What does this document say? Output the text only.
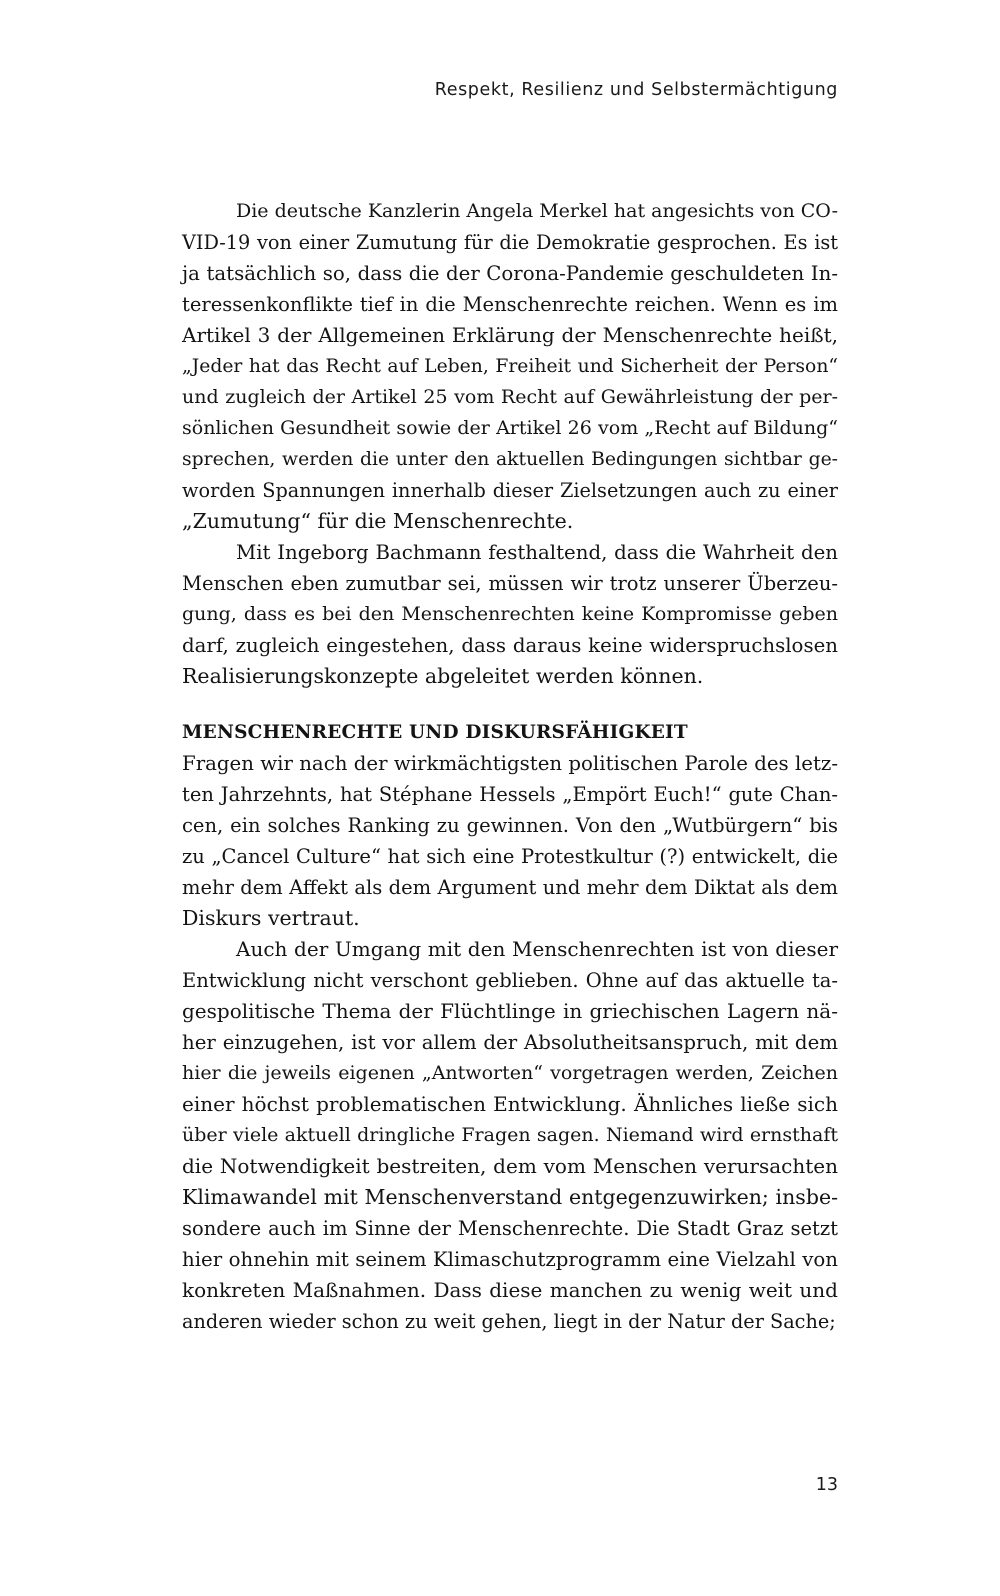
Respekt, Resilienz und Selbstermächtigung
Die deutsche Kanzlerin Angela Merkel hat angesichts von CO-
VID-19 von einer Zumutung für die Demokratie gesprochen. Es ist
ja tatsächlich so, dass die der Corona-Pandemie geschuldeten In-
teressenkonflikte tief in die Menschenrechte reichen. Wenn es im
Artikel 3 der Allgemeinen Erklärung der Menschenrechte heißt,
„Jeder hat das Recht auf Leben, Freiheit und Sicherheit der Person“
und zugleich der Artikel 25 vom Recht auf Gewährleistung der per-
sönlichen Gesundheit sowie der Artikel 26 vom „Recht auf Bildung“
sprechen, werden die unter den aktuellen Bedingungen sichtbar ge-
worden Spannungen innerhalb dieser Zielsetzungen auch zu einer
„Zumutung“ für die Menschenrechte.
Mit Ingeborg Bachmann festhaltend, dass die Wahrheit den
Menschen eben zumutbar sei, müssen wir trotz unserer Überzeu-
gung, dass es bei den Menschenrechten keine Kompromisse geben
darf, zugleich eingestehen, dass daraus keine widerspruchslosen
Realisierungskonzepte abgeleitet werden können.
MENSCHENRECHTE UND DISKURSFÄHIGKEIT
Fragen wir nach der wirkmächtigsten politischen Parole des letz-
ten Jahrzehnts, hat Stéphane Hessels „Empört Euch!“ gute Chan-
cen, ein solches Ranking zu gewinnen. Von den „Wutbürgern“ bis
zu „Cancel Culture“ hat sich eine Protestkultur (?) entwickelt, die
mehr dem Affekt als dem Argument und mehr dem Diktat als dem
Diskurs vertraut.
Auch der Umgang mit den Menschenrechten ist von dieser
Entwicklung nicht verschont geblieben. Ohne auf das aktuelle ta-
gespolitische Thema der Flüchtlinge in griechischen Lagern nä-
her einzugehen, ist vor allem der Absolutheitsanspruch, mit dem
hier die jeweils eigenen „Antworten“ vorgetragen werden, Zeichen
einer höchst problematischen Entwicklung. Ähnliches ließe sich
über viele aktuell dringliche Fragen sagen. Niemand wird ernsthaft
die Notwendigkeit bestreiten, dem vom Menschen verursachten
Klimawandel mit Menschenverstand entgegenzuwirken; insbe-
sondere auch im Sinne der Menschenrechte. Die Stadt Graz setzt
hier ohnehin mit seinem Klimaschutzprogramm eine Vielzahl von
konkreten Maßnahmen. Dass diese manchen zu wenig weit und
anderen wieder schon zu weit gehen, liegt in der Natur der Sache;
13
